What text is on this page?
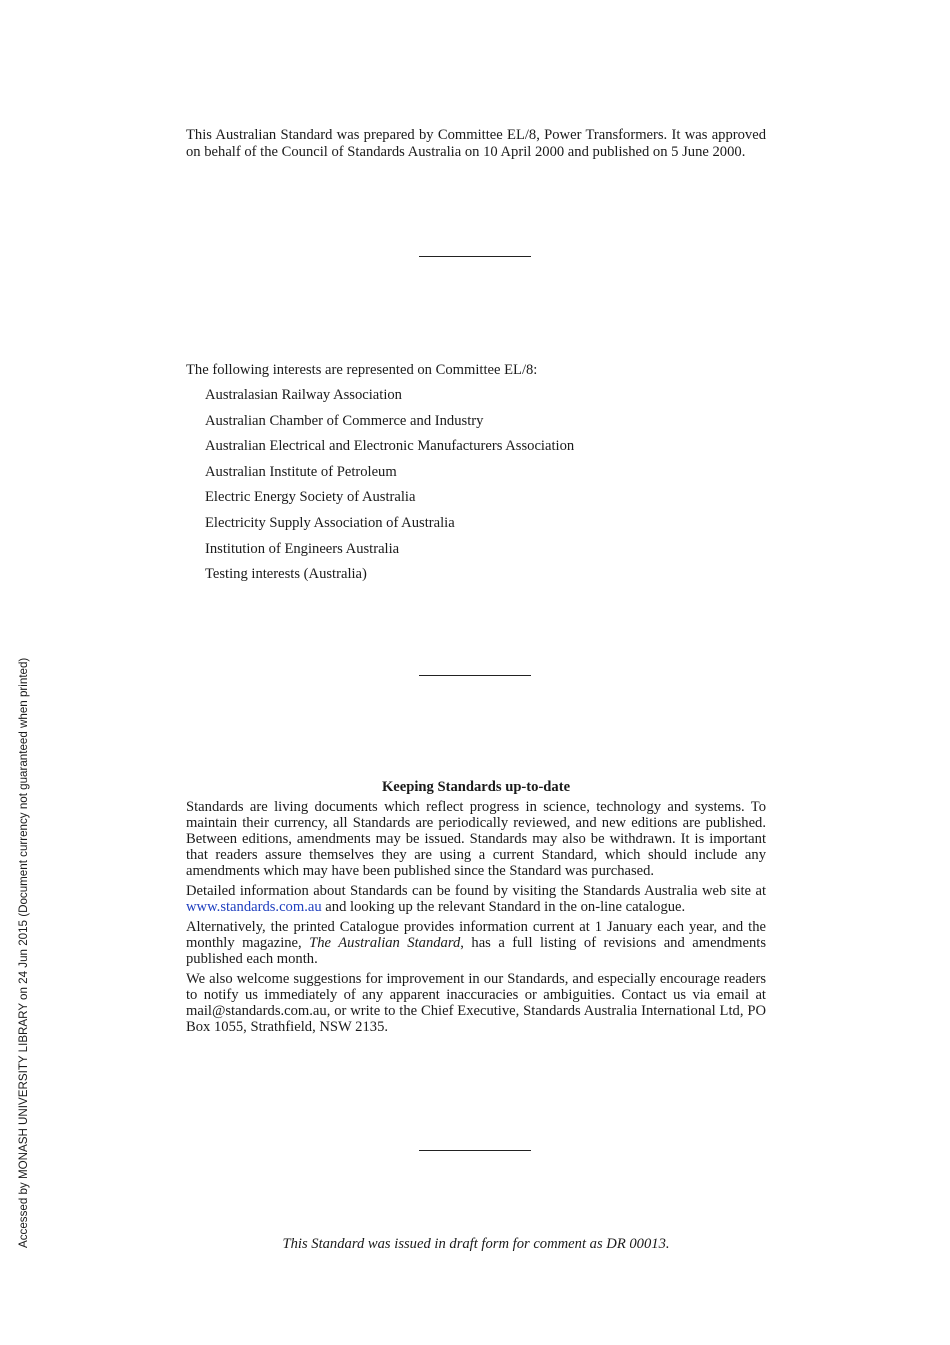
This Australian Standard was prepared by Committee EL/8, Power Transformers. It was approved on behalf of the Council of Standards Australia on 10 April 2000 and published on 5 June 2000.
The following interests are represented on Committee EL/8:
Australasian Railway Association
Australian Chamber of Commerce and Industry
Australian Electrical and Electronic Manufacturers Association
Australian Institute of Petroleum
Electric Energy Society of Australia
Electricity Supply Association of Australia
Institution of Engineers Australia
Testing interests (Australia)
Keeping Standards up-to-date

Standards are living documents which reflect progress in science, technology and systems. To maintain their currency, all Standards are periodically reviewed, and new editions are published. Between editions, amendments may be issued. Standards may also be withdrawn. It is important that readers assure themselves they are using a current Standard, which should include any amendments which may have been published since the Standard was purchased.

Detailed information about Standards can be found by visiting the Standards Australia web site at www.standards.com.au and looking up the relevant Standard in the on-line catalogue.

Alternatively, the printed Catalogue provides information current at 1 January each year, and the monthly magazine, The Australian Standard, has a full listing of revisions and amendments published each month.

We also welcome suggestions for improvement in our Standards, and especially encourage readers to notify us immediately of any apparent inaccuracies or ambiguities. Contact us via email at mail@standards.com.au, or write to the Chief Executive, Standards Australia International Ltd, PO Box 1055, Strathfield, NSW 2135.

This Standard was issued in draft form for comment as DR 00013.
Accessed by MONASH UNIVERSITY LIBRARY on 24 Jun 2015 (Document currency not guaranteed when printed)
